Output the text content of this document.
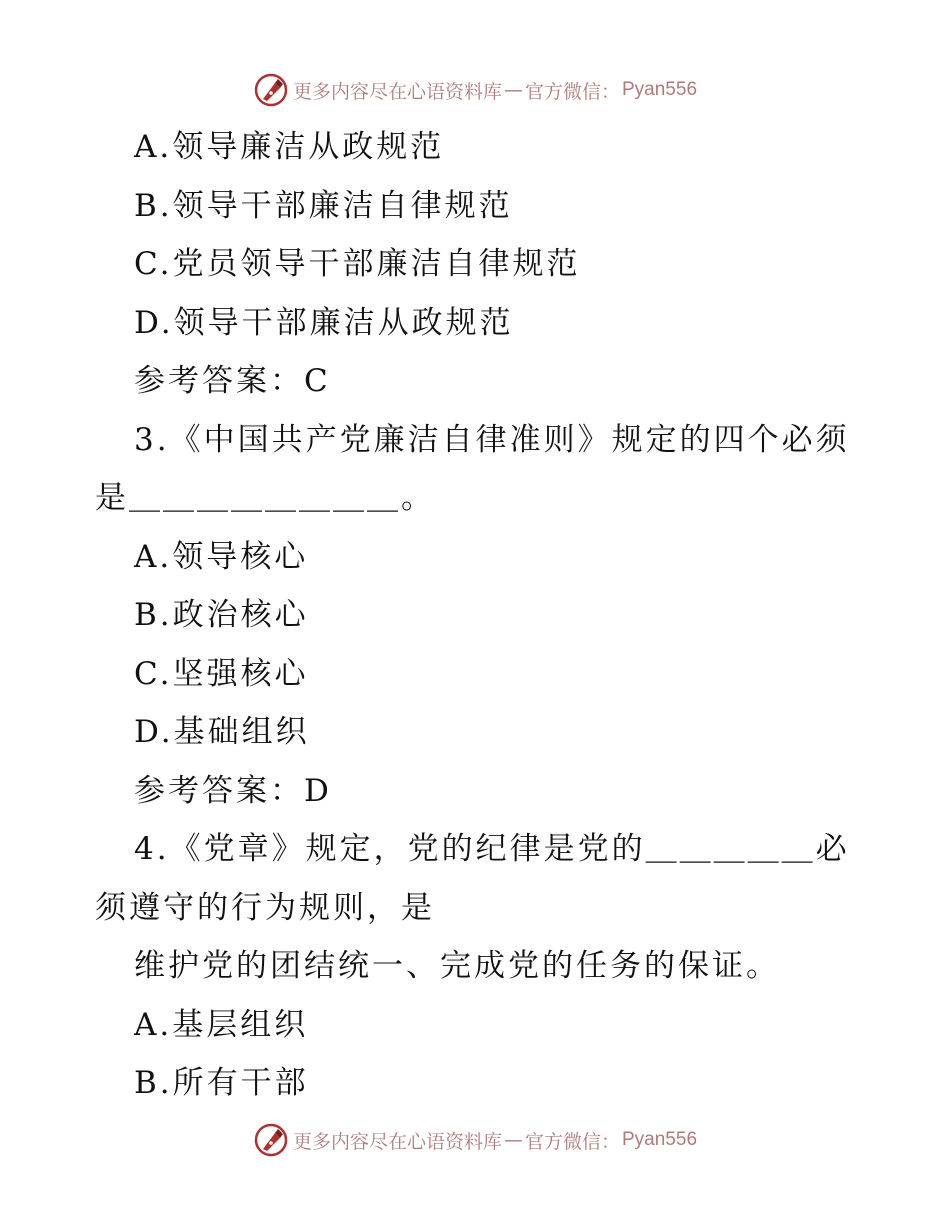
更多内容尽在心语资料库 — 官方微信： Pyan556
A.领导廉洁从政规范
B.领导干部廉洁自律规范
C.党员领导干部廉洁自律规范
D.领导干部廉洁从政规范
参考答案：C
3.《中国共产党廉洁自律准则》规定的四个必须
是＿＿＿＿＿＿＿＿。
A.领导核心
B.政治核心
C.坚强核心
D.基础组织
参考答案：D
4.《党章》规定，党的纪律是党的＿＿＿＿＿必
须遵守的行为规则，是
维护党的团结统一、完成党的任务的保证。
A.基层组织
B.所有干部
更多内容尽在心语资料库 — 官方微信： Pyan556
